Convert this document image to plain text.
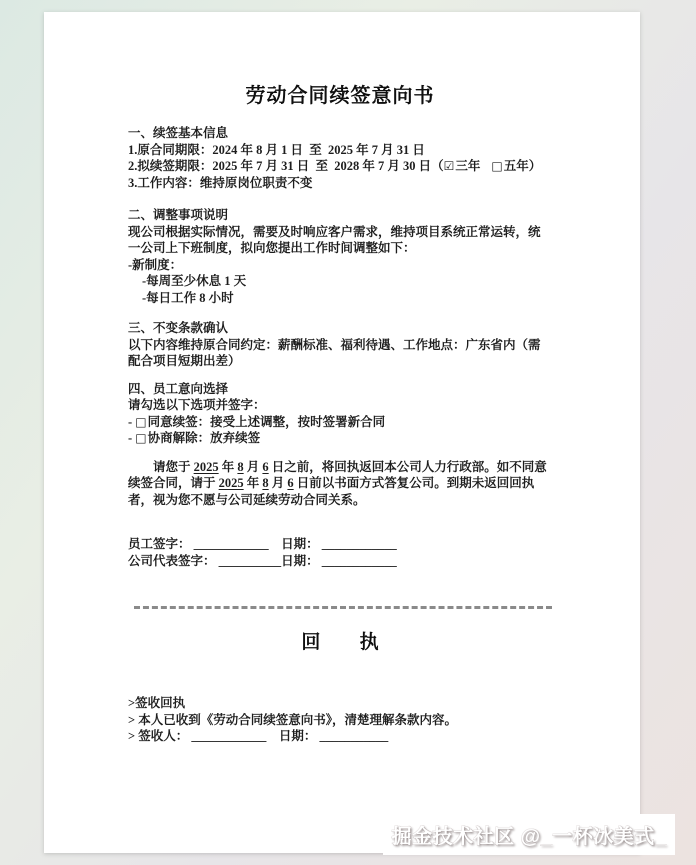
劳动合同续签意向书
一、续签基本信息
1.原合同期限：2024 年 8 月 1 日  至  2025 年 7 月 31 日
2.拟续签期限：2025 年 7 月 31 日  至  2028 年 7 月 30 日（☑三年 □五年）
3.工作内容：维持原岗位职责不变
二、调整事项说明

现公司根据实际情况，需要及时响应客户需求，维持项目系统正常运转，统一公司上下班制度，拟向您提出工作时间调整如下：

-新制度：
-每周至少休息 1 天
-每日工作 8 小时
三、不变条款确认

以下内容维持原合同约定：薪酬标准、福利待遇、工作地点：广东省内（需配合项目短期出差）

四、员工意向选择
请勾选以下选项并签字：
- □同意续签：接受上述调整，按时签署新合同
- □协商解除：放弃续签

请您于 2025 年 8 月 6 日之前，将回执返回本公司人力行政部。如不同意续签合同，请于 2025 年 8 月 6 日前以书面方式答复公司。到期未返回回执者，视为您不愿与公司延续劳动合同关系。

员工签字： ____________    日期： ____________
公司代表签字： __________日期： ____________
回 执
>签收回执
> 本人已收到《劳动合同续签意向书》，清楚理解条款内容。
> 签收人： ____________    日期： ___________
掘金技术社区 @_一杯冰美式_
